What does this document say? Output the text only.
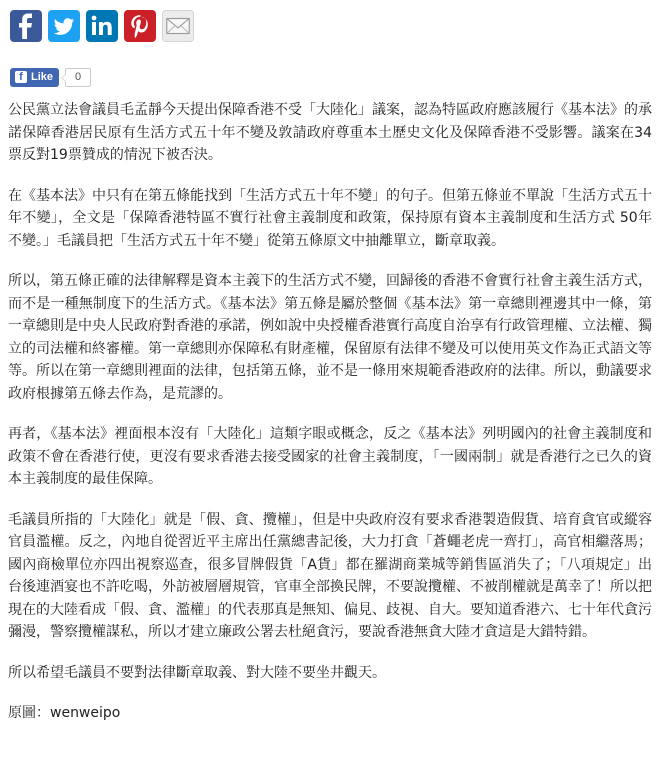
f Like	0

公民黨立法會議員毛孟靜今天提出保障香港不受「大陸化」議案，認為特區政府應該履行《基本法》的承諾保障香港居民原有生活方式五十年不變及敦請政府尊重本土歷史文化及保障香港不受影響。議案在34票反對19票贊成的情況下被否決。

在《基本法》中只有在第五條能找到「生活方式五十年不變」的句子。但第五條並不單說「生活方式五十年不變」，全文是「保障香港特區不實行社會主義制度和政策，保持原有資本主義制度和生活方式 50年不變。」毛議員把「生活方式五十年不變」從第五條原文中抽離單立，斷章取義。

所以，第五條正確的法律解釋是資本主義下的生活方式不變，回歸後的香港不會實行社會主義生活方式，而不是一種無制度下的生活方式。《基本法》第五條是屬於整個《基本法》第一章總則裡邊其中一條，第一章總則是中央人民政府對香港的承諾，例如說中央授權香港實行高度自治享有行政管理權、立法權、獨立的司法權和終審權。第一章總則亦保障私有財產權，保留原有法律不變及可以使用英文作為正式語文等等。所以在第一章總則裡面的法律，包括第五條，並不是一條用來規範香港政府的法律。所以，動議要求政府根據第五條去作為，是荒謬的。

再者，《基本法》裡面根本沒有「大陸化」這類字眼或概念，反之《基本法》列明國內的社會主義制度和政策不會在香港行使，更沒有要求香港去接受國家的社會主義制度，「一國兩制」就是香港行之已久的資本主義制度的最佳保障。

毛議員所指的「大陸化」就是「假、貪、攬權」，但是中央政府沒有要求香港製造假貨、培育貪官或縱容官員濫權。反之，內地自從習近平主席出任黨總書記後，大力打貪「蒼蠅老虎一齊打」，高官相繼落馬；國內商檢單位亦四出視察巡查，很多冒牌假貨「A貨」都在羅湖商業城等銷售區消失了；「八項規定」出台後連酒宴也不許吃喝，外訪被層層規管，官車全部換民牌，不要說攬權、不被削權就是萬幸了！所以把現在的大陸看成「假、貪、濫權」的代表那真是無知、偏見、歧視、自大。要知道香港六、七十年代貪污彌漫，警察攬權謀私，所以才建立廉政公署去杜絕貪污，要說香港無貪大陸才貪這是大錯特錯。

所以希望毛議員不要對法律斷章取義、對大陸不要坐井觀天。

原圖：wenweipo
